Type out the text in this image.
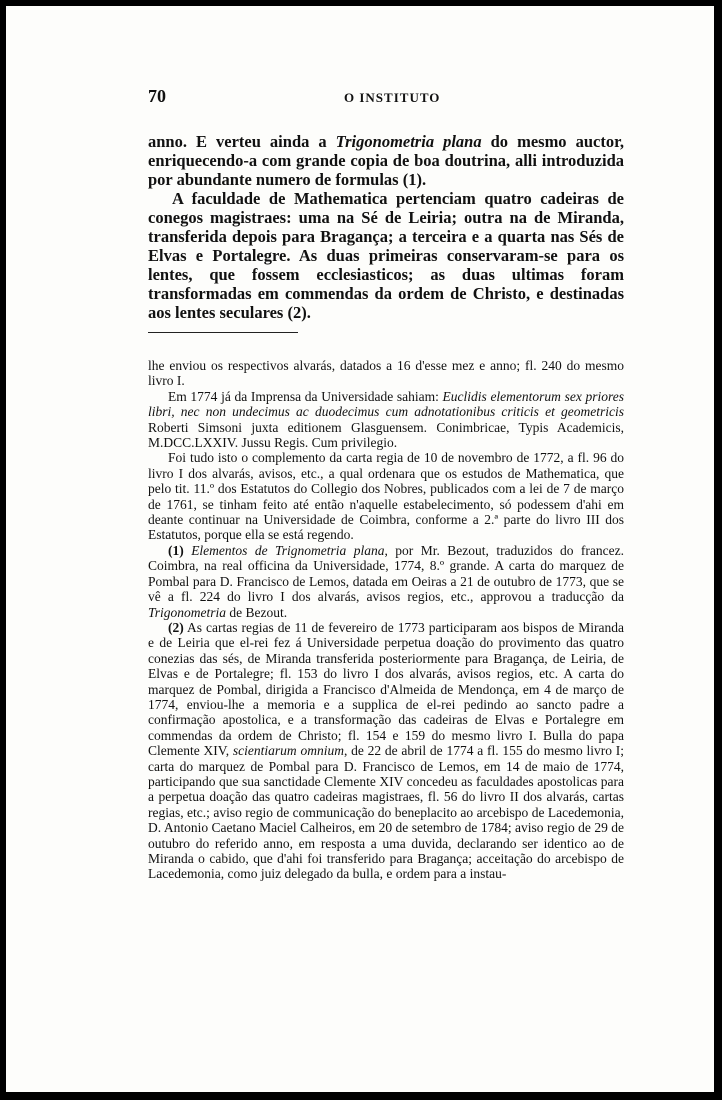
70	O INSTITUTO

anno. E verteu ainda a Trigonometria plana do mesmo auctor, enriquecendo-a com grande copia de boa doutrina, alli introduzida por abundante numero de formulas (1).

A faculdade de Mathematica pertenciam quatro cadeiras de conegos magistraes: uma na Sé de Leiria; outra na de Miranda, transferida depois para Bragança; a terceira e a quarta nas Sés de Elvas e Portalegre. As duas primeiras conservaram-se para os lentes, que fossem ecclesiasticos; as duas ultimas foram transformadas em commendas da ordem de Christo, e destinadas aos lentes seculares (2).

lhe enviou os respectivos alvarás, datados a 16 d'esse mez e anno; fl. 240 do mesmo livro I.

Em 1774 já da Imprensa da Universidade sahiam: Euclidis elementorum sex priores libri, nec non undecimus ac duodecimus cum adnotationibus criticis et geometricis Roberti Simsoni juxta editionem Glasguensem. Conimbricae, Typis Academicis, M.DCC.LXXIV. Jussu Regis. Cum privilegio.

Foi tudo isto o complemento da carta regia de 10 de novembro de 1772, a fl. 96 do livro I dos alvarás, avisos, etc., a qual ordenara que os estudos de Mathematica, que pelo tit. 11.º dos Estatutos do Collegio dos Nobres, publicados com a lei de 7 de março de 1761, se tinham feito até então n'aquelle estabelecimento, só podessem d'ahi em deante continuar na Universidade de Coimbra, conforme a 2.ª parte do livro III dos Estatutos, porque ella se está regendo.

(1) Elementos de Trignometria plana, por Mr. Bezout, traduzidos do francez. Coimbra, na real officina da Universidade, 1774, 8.º grande. A carta do marquez de Pombal para D. Francisco de Lemos, datada em Oeiras a 21 de outubro de 1773, que se vê a fl. 224 do livro I dos alvarás, avisos regios, etc., approvou a traducção da Trigonometria de Bezout.

(2) As cartas regias de 11 de fevereiro de 1773 participaram aos bispos de Miranda e de Leiria que el-rei fez á Universidade perpetua doação do provimento das quatro conezias das sés, de Miranda transferida posteriormente para Bragança, de Leiria, de Elvas e de Portalegre; fl. 153 do livro I dos alvarás, avisos regios, etc. A carta do marquez de Pombal, dirigida a Francisco d'Almeida de Mendonça, em 4 de março de 1774, enviou-lhe a memoria e a supplica de el-rei pedindo ao sancto padre a confirmação apostolica, e a transformação das cadeiras de Elvas e Portalegre em commendas da ordem de Christo; fl. 154 e 159 do mesmo livro I. Bulla do papa Clemente XIV, scientiarum omnium, de 22 de abril de 1774 a fl. 155 do mesmo livro I; carta do marquez de Pombal para D. Francisco de Lemos, em 14 de maio de 1774, participando que sua sanctidade Clemente XIV concedeu as faculdades apostolicas para a perpetua doação das quatro cadeiras magistraes, fl. 56 do livro II dos alvarás, cartas regias, etc.; aviso regio de communicação do beneplacito ao arcebispo de Lacedemonia, D. Antonio Caetano Maciel Calheiros, em 20 de setembro de 1784; aviso regio de 29 de outubro do referido anno, em resposta a uma duvida, declarando ser identico ao de Miranda o cabido, que d'ahi foi transferido para Bragança; acceitação do arcebispo de Lacedemonia, como juiz delegado da bulla, e ordem para a instau-
